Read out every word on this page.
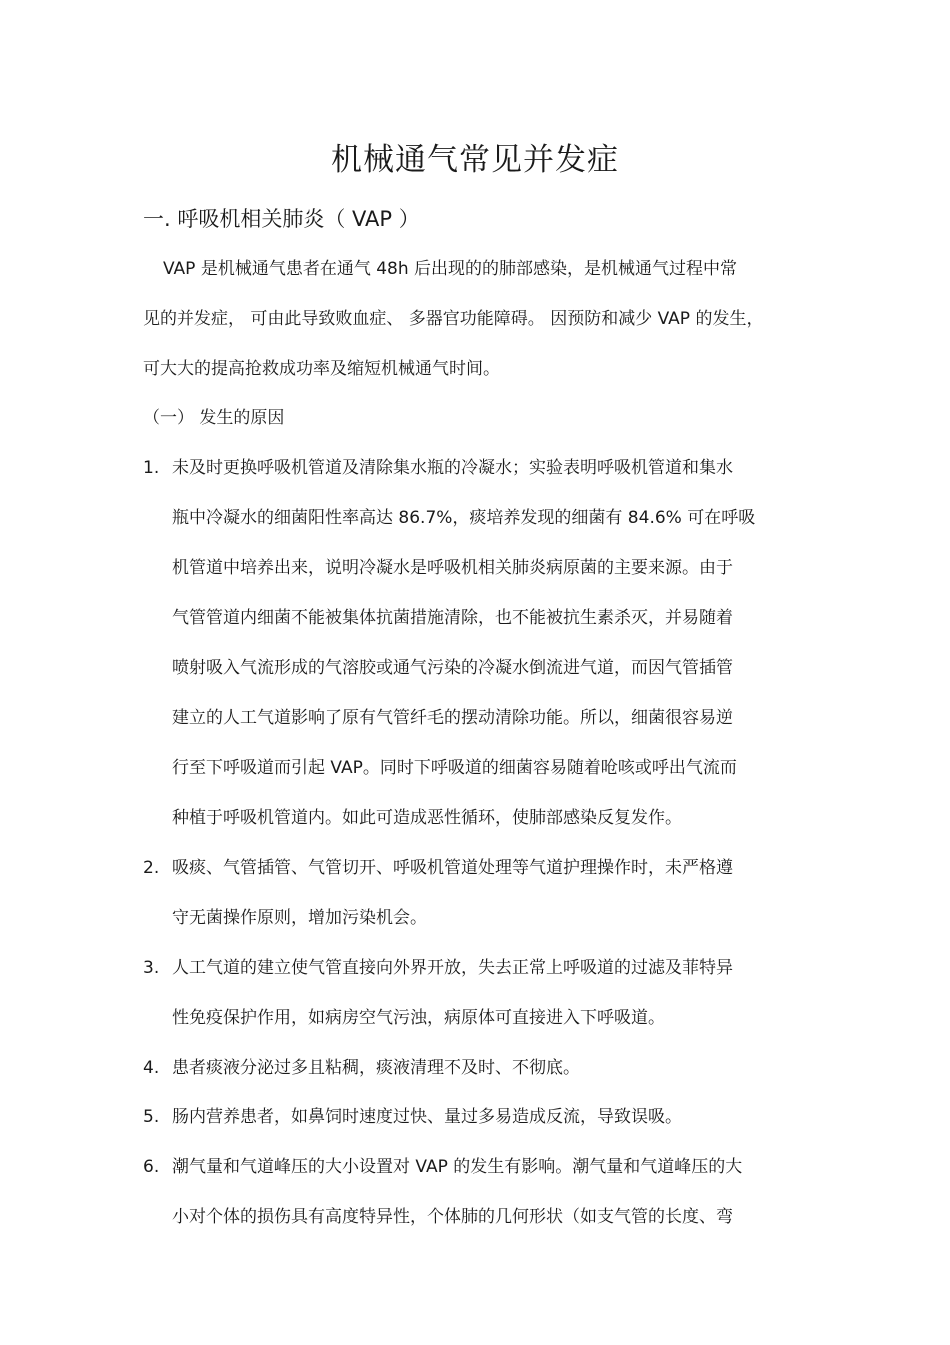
机械通气常见并发症
一. 呼吸机相关肺炎（ VAP ）
VAP 是机械通气患者在通气 48h 后出现的的肺部感染，是机械通气过程中常
见的并发症， 可由此导致败血症、 多器官功能障碍。 因预防和减少 VAP 的发生，
可大大的提高抢救成功率及缩短机械通气时间。
（一） 发生的原因
1. 未及时更换呼吸机管道及清除集水瓶的冷凝水；实验表明呼吸机管道和集水
瓶中冷凝水的细菌阳性率高达 86.7%，痰培养发现的细菌有 84.6% 可在呼吸
机管道中培养出来，说明冷凝水是呼吸机相关肺炎病原菌的主要来源。由于
气管管道内细菌不能被集体抗菌措施清除，也不能被抗生素杀灭，并易随着
喷射吸入气流形成的气溶胶或通气污染的冷凝水倒流进气道，而因气管插管
建立的人工气道影响了原有气管纤毛的摆动清除功能。所以，细菌很容易逆
行至下呼吸道而引起 VAP。同时下呼吸道的细菌容易随着呛咳或呼出气流而
种植于呼吸机管道内。如此可造成恶性循环，使肺部感染反复发作。
2. 吸痰、气管插管、气管切开、呼吸机管道处理等气道护理操作时，未严格遵
守无菌操作原则，增加污染机会。
3. 人工气道的建立使气管直接向外界开放，失去正常上呼吸道的过滤及菲特异
性免疫保护作用，如病房空气污浊，病原体可直接进入下呼吸道。
4. 患者痰液分泌过多且粘稠，痰液清理不及时、不彻底。
5. 肠内营养患者，如鼻饲时速度过快、量过多易造成反流，导致误吸。
6. 潮气量和气道峰压的大小设置对 VAP 的发生有影响。潮气量和气道峰压的大
小对个体的损伤具有高度特异性，个体肺的几何形状（如支气管的长度、弯
